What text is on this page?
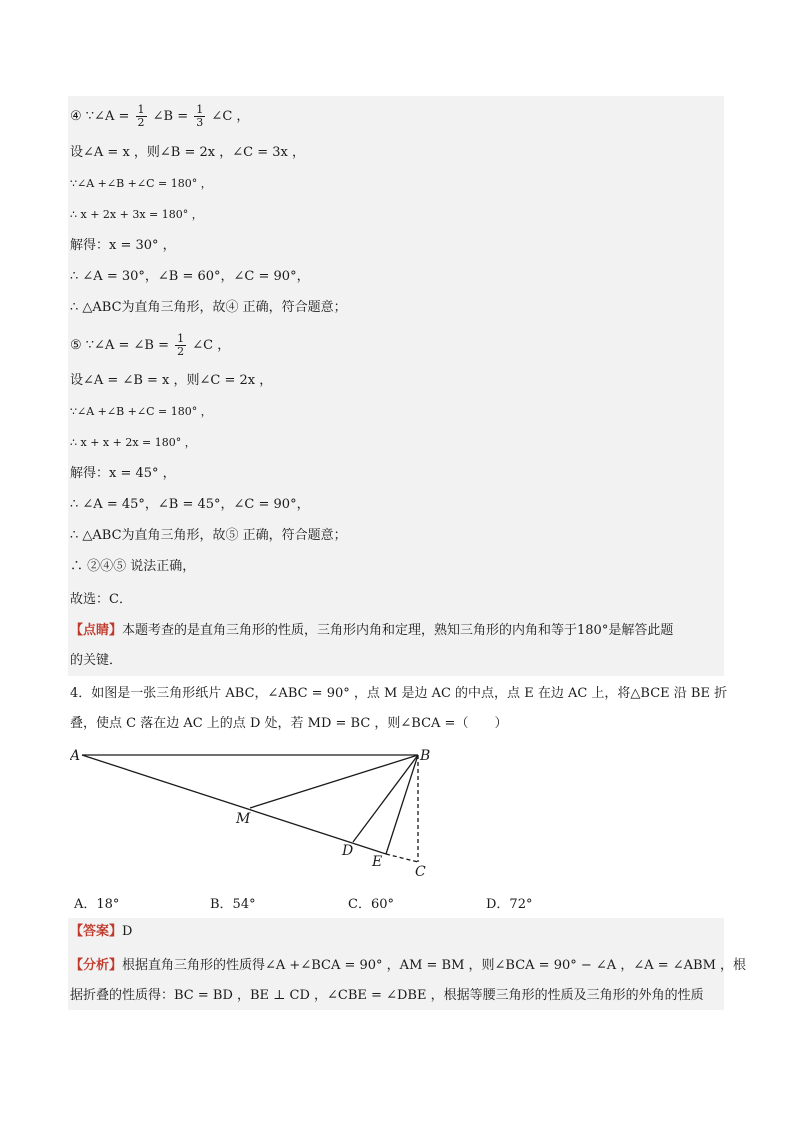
④ ∵∠A = $\frac{1}{2}$ ∠B = $\frac{1}{3}$ ∠C ，
设∠A = x ，则∠B = 2x ，∠C = 3x ，
∵∠A +∠B +∠C = 180° ，
∴ x + 2x + 3x = 180° ，
解得：x = 30° ，
∴ ∠A = 30°，∠B = 60°，∠C = 90°，
∴ △ABC为直角三角形，故④ 正确，符合题意；
⑤ ∵∠A = ∠B = $\frac{1}{2}$ ∠C ，
设∠A = ∠B = x ，则∠C = 2x ，
∵∠A +∠B +∠C = 180° ，
∴ x + x + 2x = 180° ，
解得：x = 45° ，
∴ ∠A = 45°，∠B = 45°，∠C = 90°，
∴ △ABC为直角三角形，故⑤ 正确，符合题意；
∴ ②④⑤ 说法正确，
故选：C．
【点睛】本题考查的是直角三角形的性质，三角形内角和定理，熟知三角形的内角和等于180°是解答此题
的关键．
4．如图是一张三角形纸片 ABC，∠ABC = 90° ，点 M 是边 AC 的中点，点 E 在边 AC 上，将△BCE 沿 BE 折
叠，使点 C 落在边 AC 上的点 D 处，若 MD = BC ，则∠BCA =（　　）
A	B
M
D
E
C
A．18°	B．54°	C．60°	D．72°
【答案】D
【分析】根据直角三角形的性质得∠A +∠BCA = 90° ，AM = BM ，则∠BCA = 90° − ∠A ，∠A = ∠ABM ，根
据折叠的性质得：BC = BD ，BE ⊥ CD ，∠CBE = ∠DBE ，根据等腰三角形的性质及三角形的外角的性质
